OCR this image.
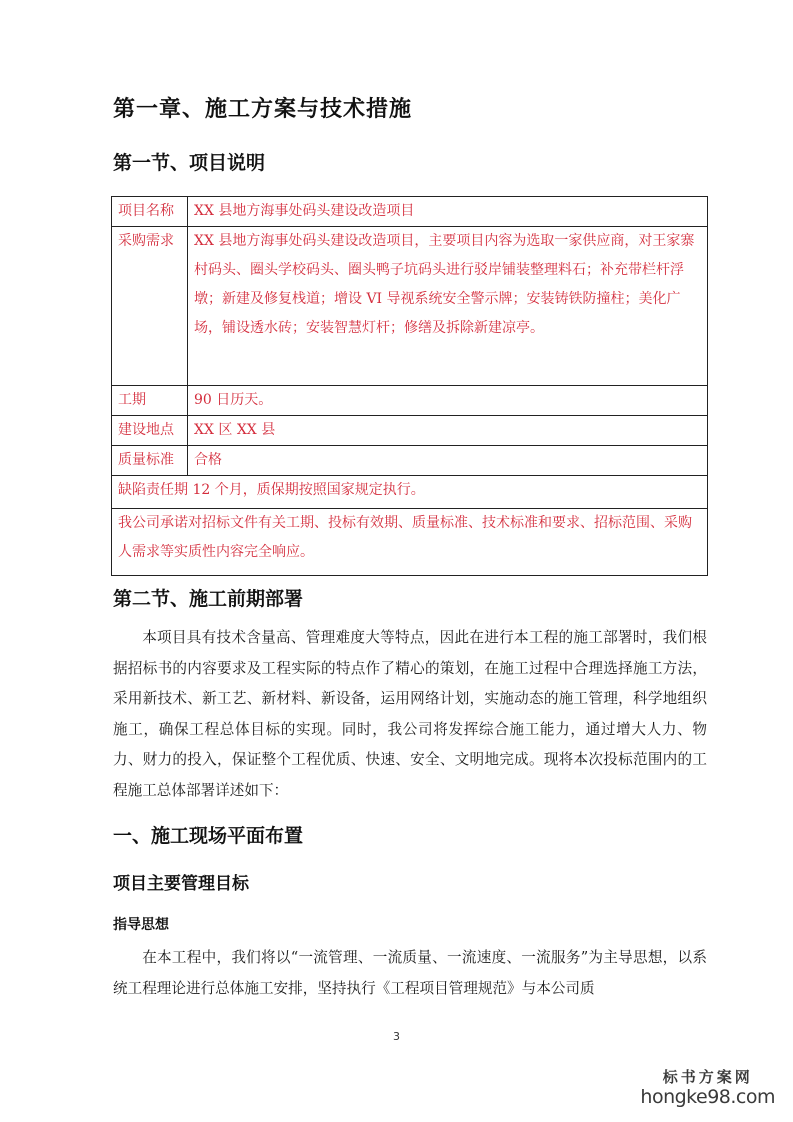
第一章、施工方案与技术措施
第一节、项目说明
项目名称	XX 县地方海事处码头建设改造项目
采购需求	XX 县地方海事处码头建设改造项目，主要项目内容为选取一家供应商，对王家寨村码头、圈头学校码头、圈头鸭子坑码头进行驳岸铺装整理料石；补充带栏杆浮墩；新建及修复栈道；增设 VI 导视系统安全警示牌；安装铸铁防撞柱；美化广场，铺设透水砖；安装智慧灯杆；修缮及拆除新建凉亭。
工期	90 日历天。
建设地点	XX 区 XX 县
质量标准	合格
缺陷责任期 12 个月，质保期按照国家规定执行。	
我公司承诺对招标文件有关工期、投标有效期、质量标准、技术标准和要求、招标范围、采购人需求等实质性内容完全响应。	
第二节、施工前期部署

本项目具有技术含量高、管理难度大等特点，因此在进行本工程的施工部署时，我们根据招标书的内容要求及工程实际的特点作了精心的策划，在施工过程中合理选择施工方法，采用新技术、新工艺、新材料、新设备，运用网络计划，实施动态的施工管理，科学地组织施工，确保工程总体目标的实现。同时，我公司将发挥综合施工能力，通过增大人力、物力、财力的投入，保证整个工程优质、快速、安全、文明地完成。现将本次投标范围内的工程施工总体部署详述如下：

一、施工现场平面布置
项目主要管理目标
指导思想

在本工程中，我们将以“一流管理、一流质量、一流速度、一流服务”为主导思想，以系统工程理论进行总体施工安排，坚持执行《工程项目管理规范》与本公司质

3
标书方案网
hongke98.com
